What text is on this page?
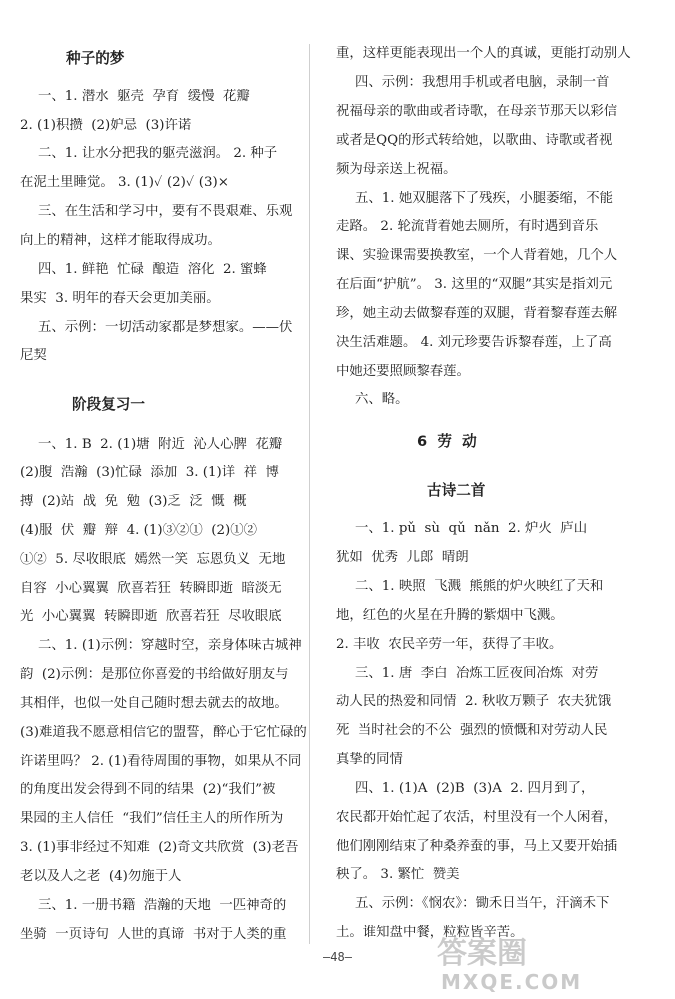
种子的梦
一、1. 潜水  躯壳  孕育  缓慢  花瓣
2. (1)积攒  (2)妒忌  (3)许诺
二、1. 让水分把我的躯壳滋润。 2. 种子
在泥土里睡觉。 3. (1)✓ (2)✓ (3)×
三、在生活和学习中，要有不畏艰难、乐观
向上的精神，这样才能取得成功。
四、1. 鲜艳  忙碌  酿造  溶化  2. 蜜蜂
果实  3. 明年的春天会更加美丽。
五、示例：一切活动家都是梦想家。——伏
尼契
阶段复习一
一、1. B  2. (1)塘  附近  沁人心脾  花瓣
(2)腹  浩瀚  (3)忙碌  添加  3. (1)详  祥  博
搏  (2)站  战  免  勉  (3)乏  泛  慨  概
(4)服  伏  瓣  辩  4. (1)③②①  (2)①②
①②  5. 尽收眼底  嫣然一笑  忘恩负义  无地
自容  小心翼翼  欣喜若狂  转瞬即逝  暗淡无
光  小心翼翼  转瞬即逝  欣喜若狂  尽收眼底
二、1. (1)示例：穿越时空，亲身体味古城神
韵  (2)示例：是那位你喜爱的书给做好朋友与
其相伴，也似一处自己随时想去就去的故地。
(3)难道我不愿意相信它的盟誓，醉心于它忙碌的
许诺里吗？ 2. (1)看待周围的事物，如果从不同
的角度出发会得到不同的结果  (2)“我们”被
果园的主人信任  “我们”信任主人的所作所为
3. (1)事非经过不知难  (2)奇文共欣赏  (3)老吾
老以及人之老  (4)勿施于人
三、1. 一册书籍  浩瀚的天地  一匹神奇的
坐骑  一页诗句  人世的真谛  书对于人类的重
重，这样更能表现出一个人的真诚，更能打动别人
四、示例：我想用手机或者电脑，录制一首
祝福母亲的歌曲或者诗歌，在母亲节那天以彩信
或者是QQ的形式转给她，以歌曲、诗歌或者视
频为母亲送上祝福。
五、1. 她双腿落下了残疾，小腿萎缩，不能
走路。 2. 轮流背着她去厕所，有时遇到音乐
课、实验课需要换教室，一个人背着她，几个人
在后面“护航”。 3. 这里的“双腿”其实是指刘元
珍，她主动去做黎春莲的双腿，背着黎春莲去解
决生活难题。 4. 刘元珍要告诉黎春莲，上了高
中她还要照顾黎春莲。
六、略。
6  劳  动
古诗二首
一、1. pǔ  sù  qǔ  nǎn  2. 炉火  庐山
犹如  优秀  儿郎  晴朗
二、1. 映照  飞溅  熊熊的炉火映红了天和
地，红色的火星在升腾的紫烟中飞溅。
2. 丰收  农民辛劳一年，获得了丰收。
三、1. 唐  李白  冶炼工匠夜间冶炼  对劳
动人民的热爱和同情  2. 秋收万颗子  农夫犹饿
死  当时社会的不公  强烈的愤慨和对劳动人民
真挚的同情
四、1. (1)A  (2)B  (3)A  2. 四月到了，
农民都开始忙起了农活，村里没有一个人闲着，
他们刚刚结束了种桑养蚕的事，马上又要开始插
秧了。 3. 繁忙  赞美
五、示例：《悯农》：锄禾日当午，汗滴禾下
土。谁知盘中餐，粒粒皆辛苦。
—48—	答案圈
MXQE.COM
